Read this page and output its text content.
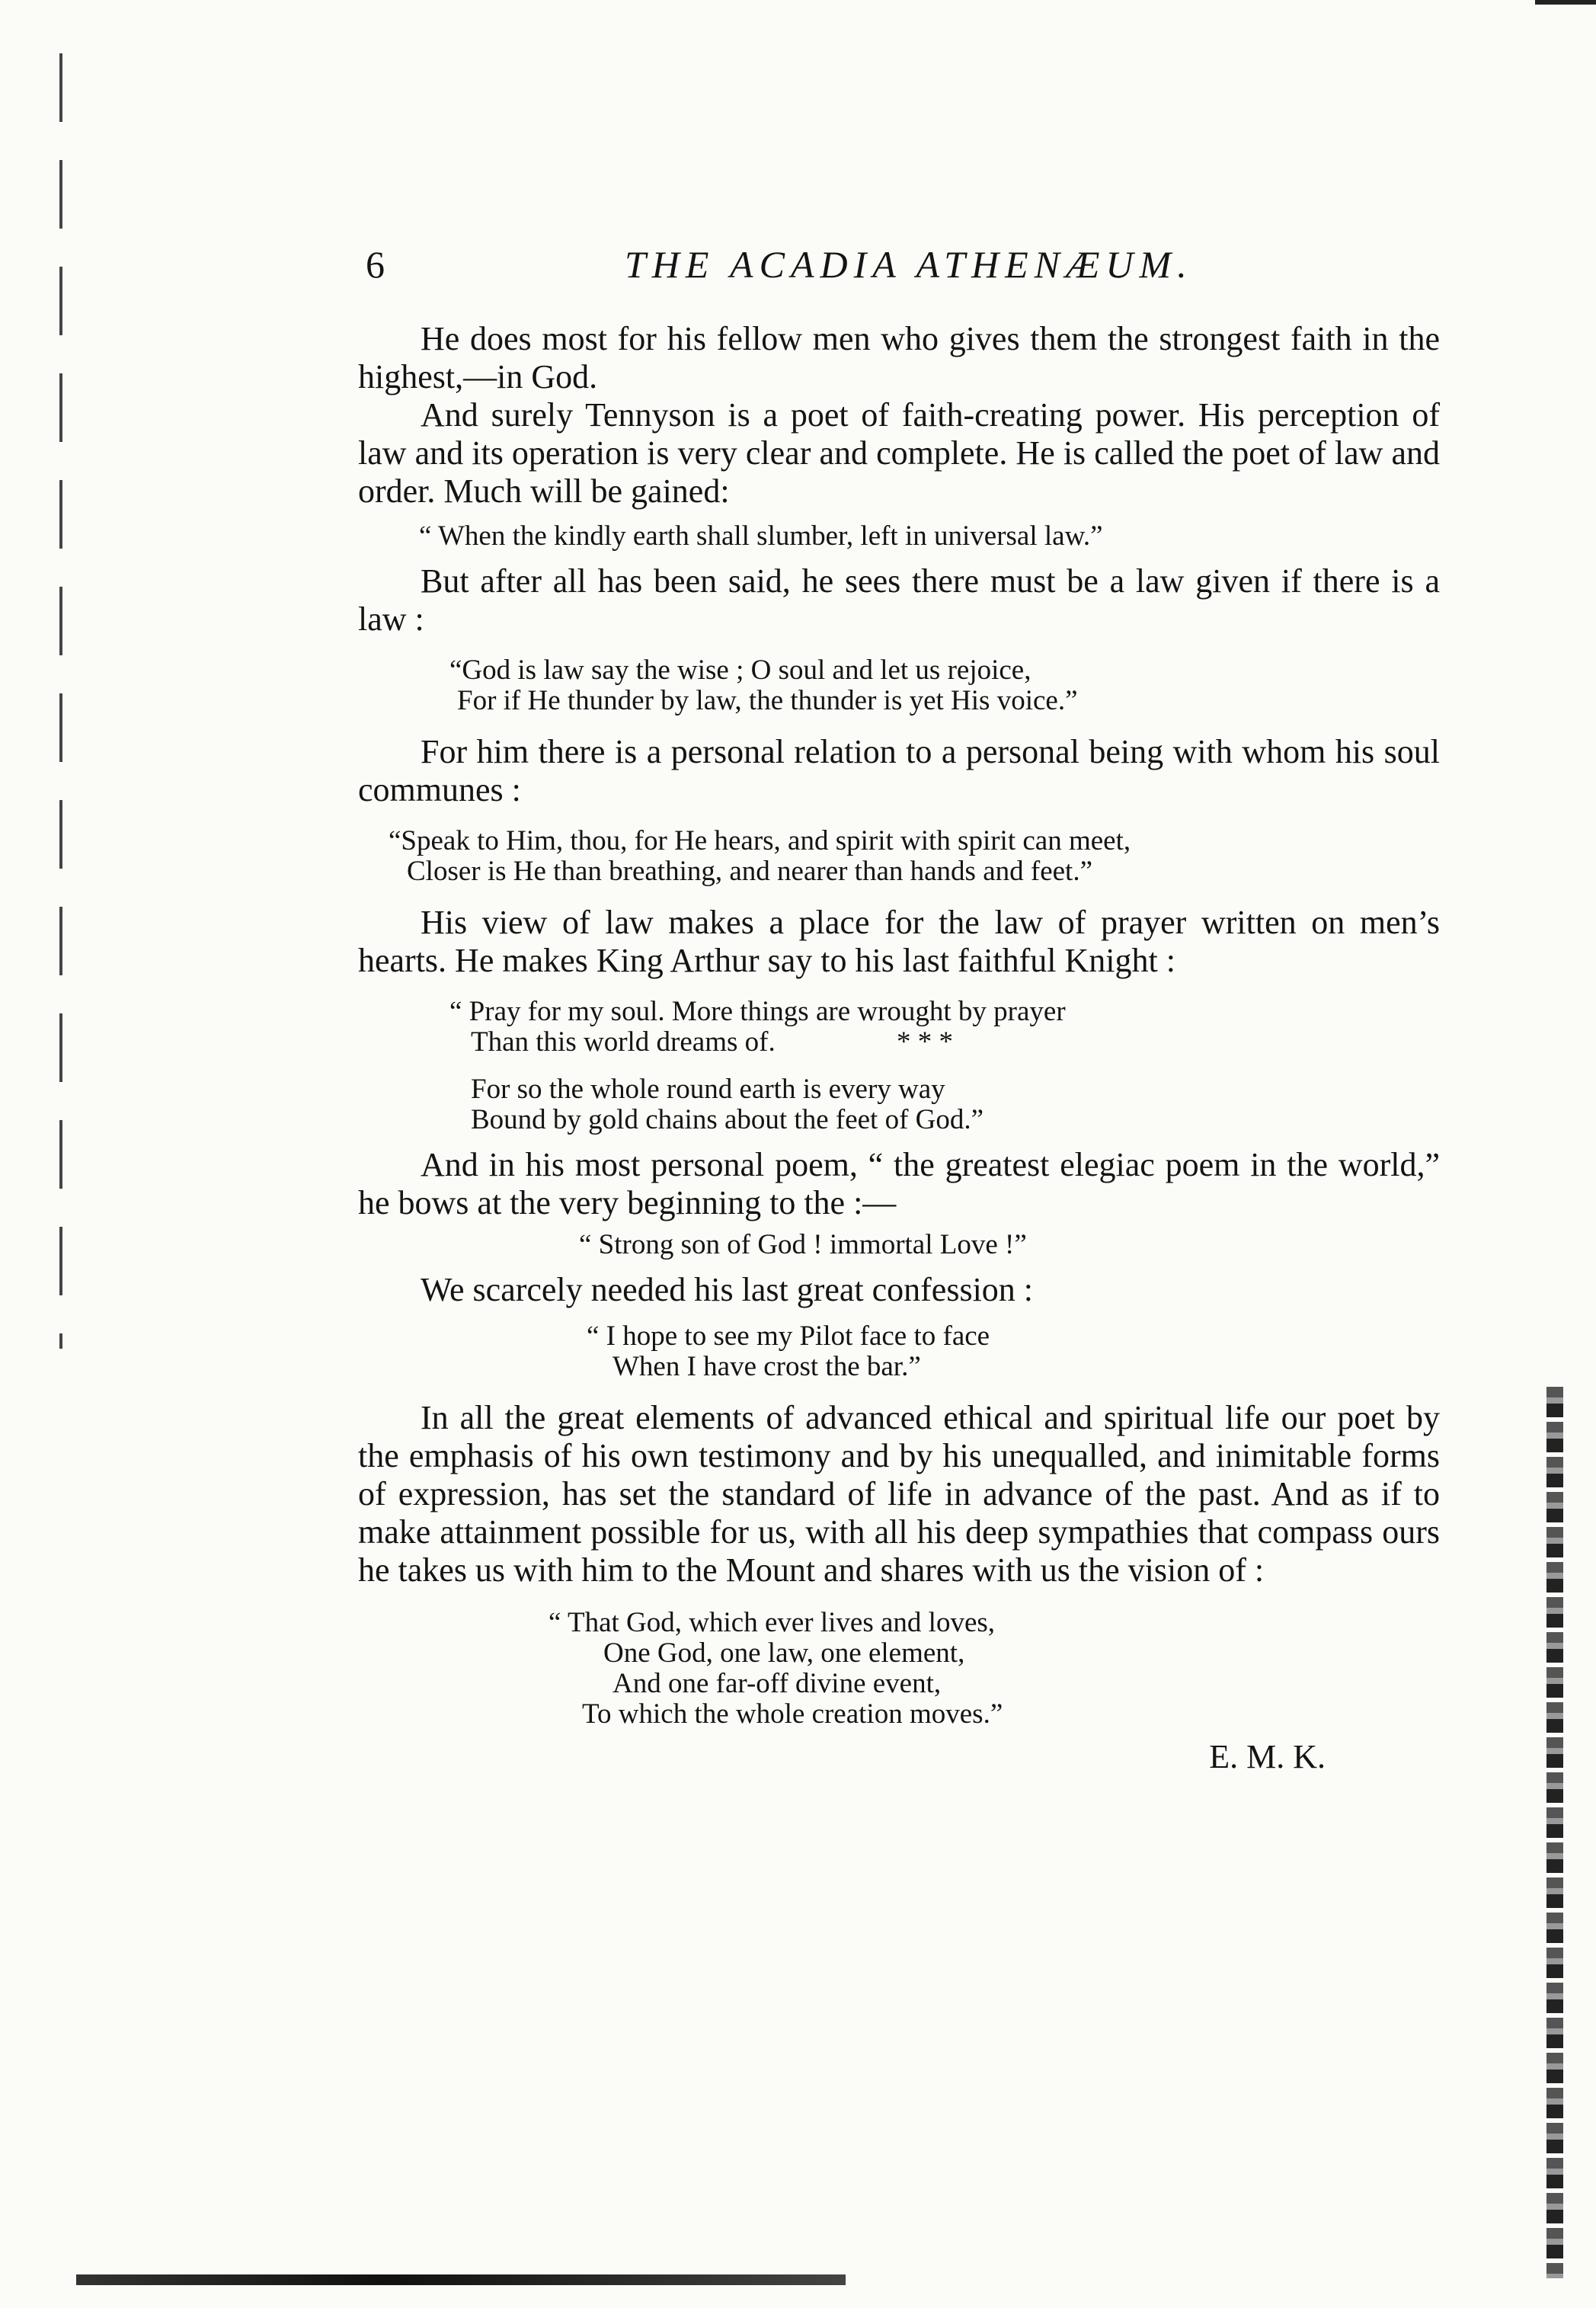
6	THE ACADIA ATHENÆUM.

He does most for his fellow men who gives them the strongest faith in the highest,—in God.

And surely Tennyson is a poet of faith-creating power. His perception of law and its operation is very clear and complete. He is called the poet of law and order. Much will be gained:

“ When the kindly earth shall slumber, left in universal law.”

But after all has been said, he sees there must be a law given if there is a law :

“God is law say the wise ; O soul and let us rejoice,
For if He thunder by law, the thunder is yet His voice.”

For him there is a personal relation to a personal being with whom his soul communes :

“Speak to Him, thou, for He hears, and spirit with spirit can meet,
Closer is He than breathing, and nearer than hands and feet.”

His view of law makes a place for the law of prayer written on men’s hearts. He makes King Arthur say to his last faithful Knight :

“ Pray for my soul. More things are wrought by prayer
Than this world dreams of.	* * *
For so the whole round earth is every way
Bound by gold chains about the feet of God.”

And in his most personal poem, “ the greatest elegiac poem in the world,” he bows at the very beginning to the :—

“ Strong son of God ! immortal Love !”

We scarcely needed his last great confession :

“ I hope to see my Pilot face to face
When I have crost the bar.”

In all the great elements of advanced ethical and spiritual life our poet by the emphasis of his own testimony and by his unequalled, and inimitable forms of expression, has set the standard of life in advance of the past. And as if to make attainment possible for us, with all his deep sympathies that compass ours he takes us with him to the Mount and shares with us the vision of :

“ That God, which ever lives and loves,
One God, one law, one element,
And one far-off divine event,
To which the whole creation moves.”

E. M. K.
